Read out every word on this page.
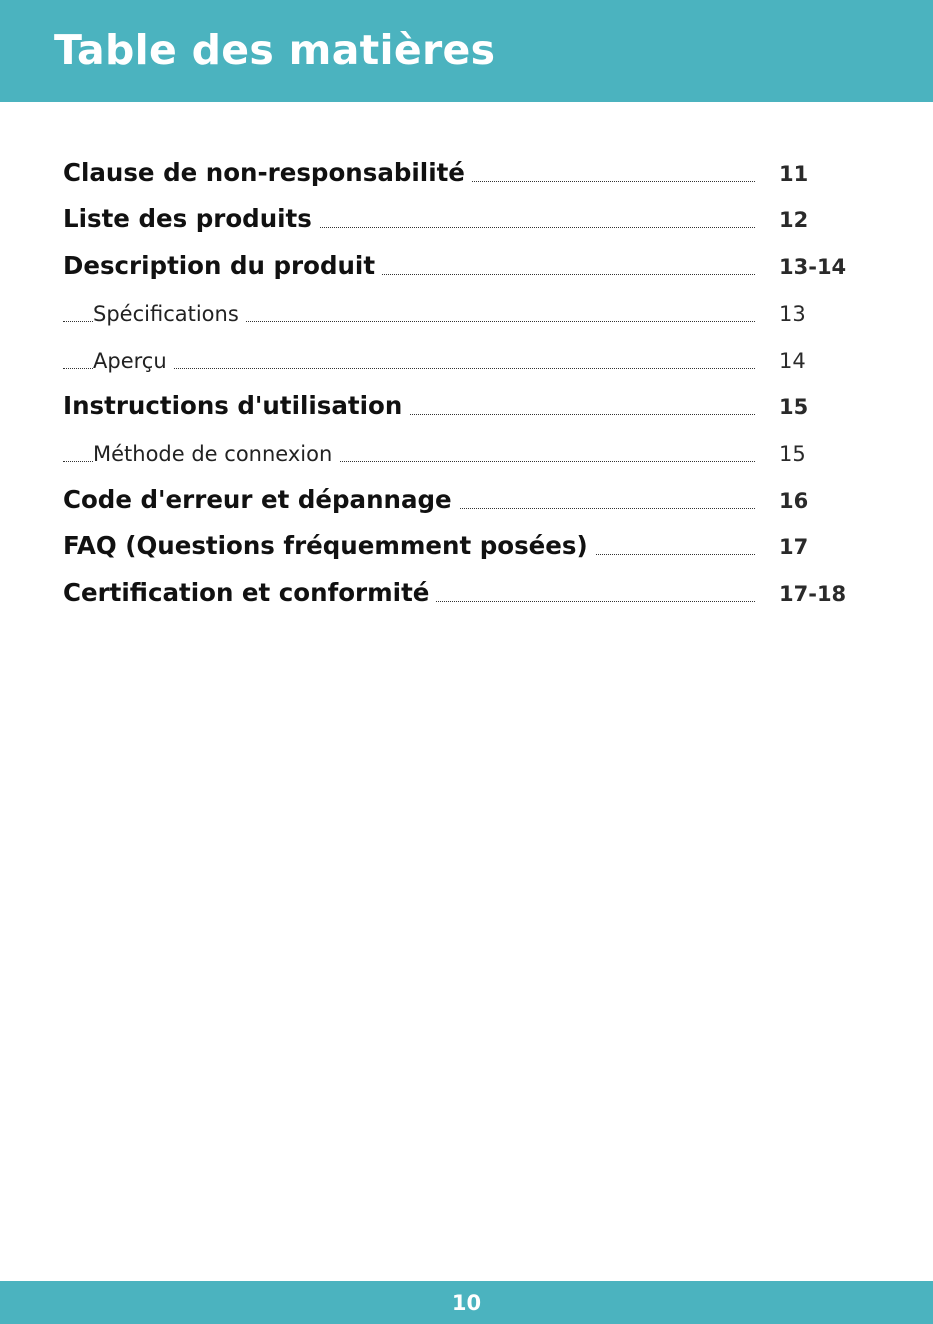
Table des matières
Clause de non-responsabilité	11
Liste des produits	12
Description du produit	13-14
Spécifications	13
Aperçu	14
Instructions d'utilisation	15
Méthode de connexion	15
Code d'erreur et dépannage	16
FAQ (Questions fréquemment posées)	17
Certification et conformité	17-18
10
